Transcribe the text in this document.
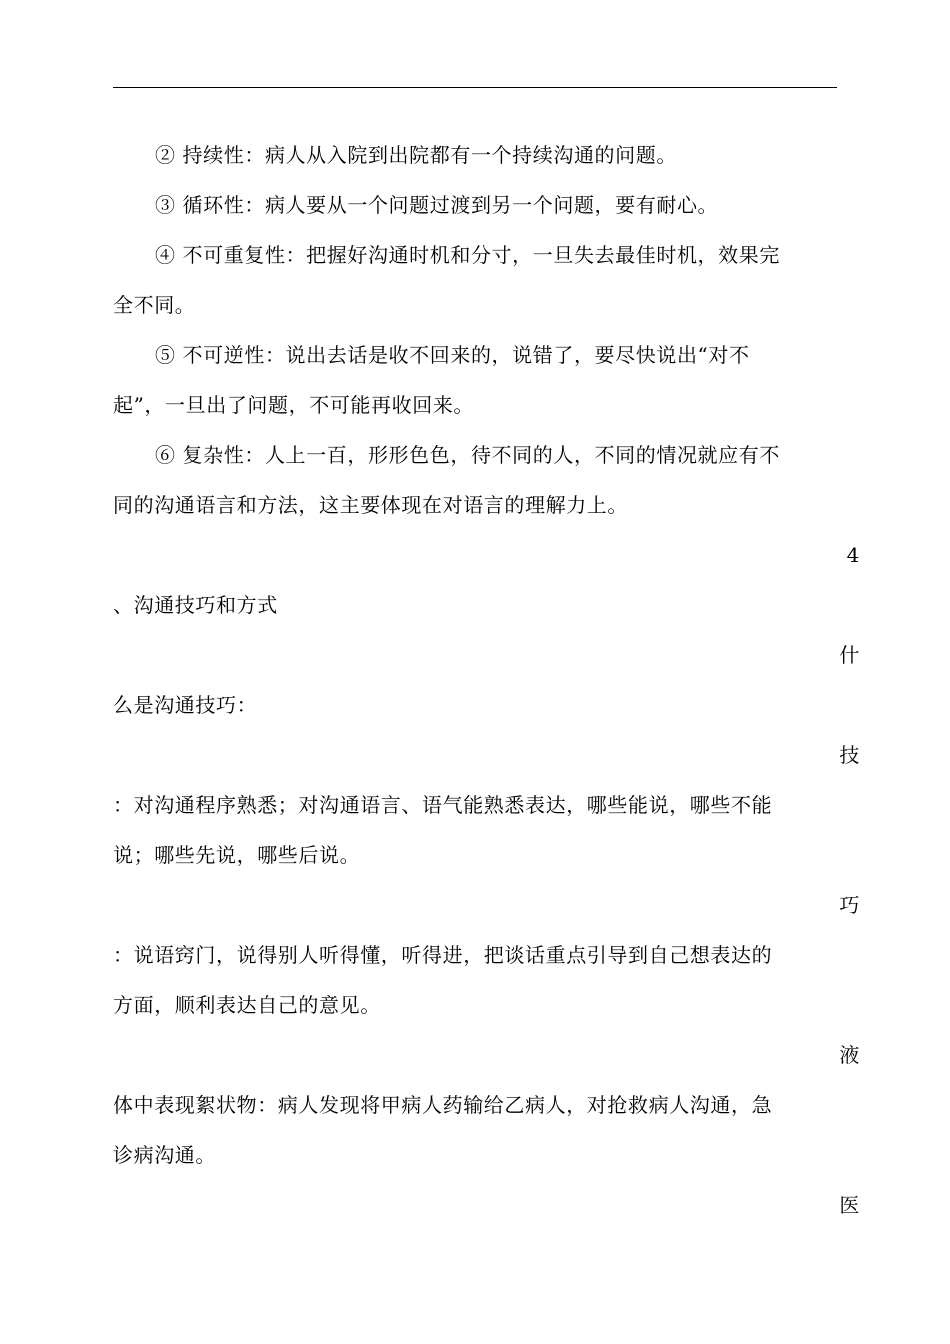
② 持续性：病人从入院到出院都有一个持续沟通的问题。
③ 循环性：病人要从一个问题过渡到另一个问题，要有耐心。
④ 不可重复性：把握好沟通时机和分寸，一旦失去最佳时机，效果完
全不同。
⑤ 不可逆性：说出去话是收不回来的，说错了，要尽快说出“对不
起”，一旦出了问题，不可能再收回来。
⑥ 复杂性：人上一百，形形色色，待不同的人，不同的情况就应有不
同的沟通语言和方法，这主要体现在对语言的理解力上。
4
、沟通技巧和方式
什
么是沟通技巧：
技
：对沟通程序熟悉；对沟通语言、语气能熟悉表达，哪些能说，哪些不能
说；哪些先说，哪些后说。
巧
：说语窍门，说得别人听得懂，听得进，把谈话重点引导到自己想表达的
方面，顺利表达自己的意见。
液
体中表现絮状物：病人发现将甲病人药输给乙病人，对抢救病人沟通，急
诊病沟通。
医
